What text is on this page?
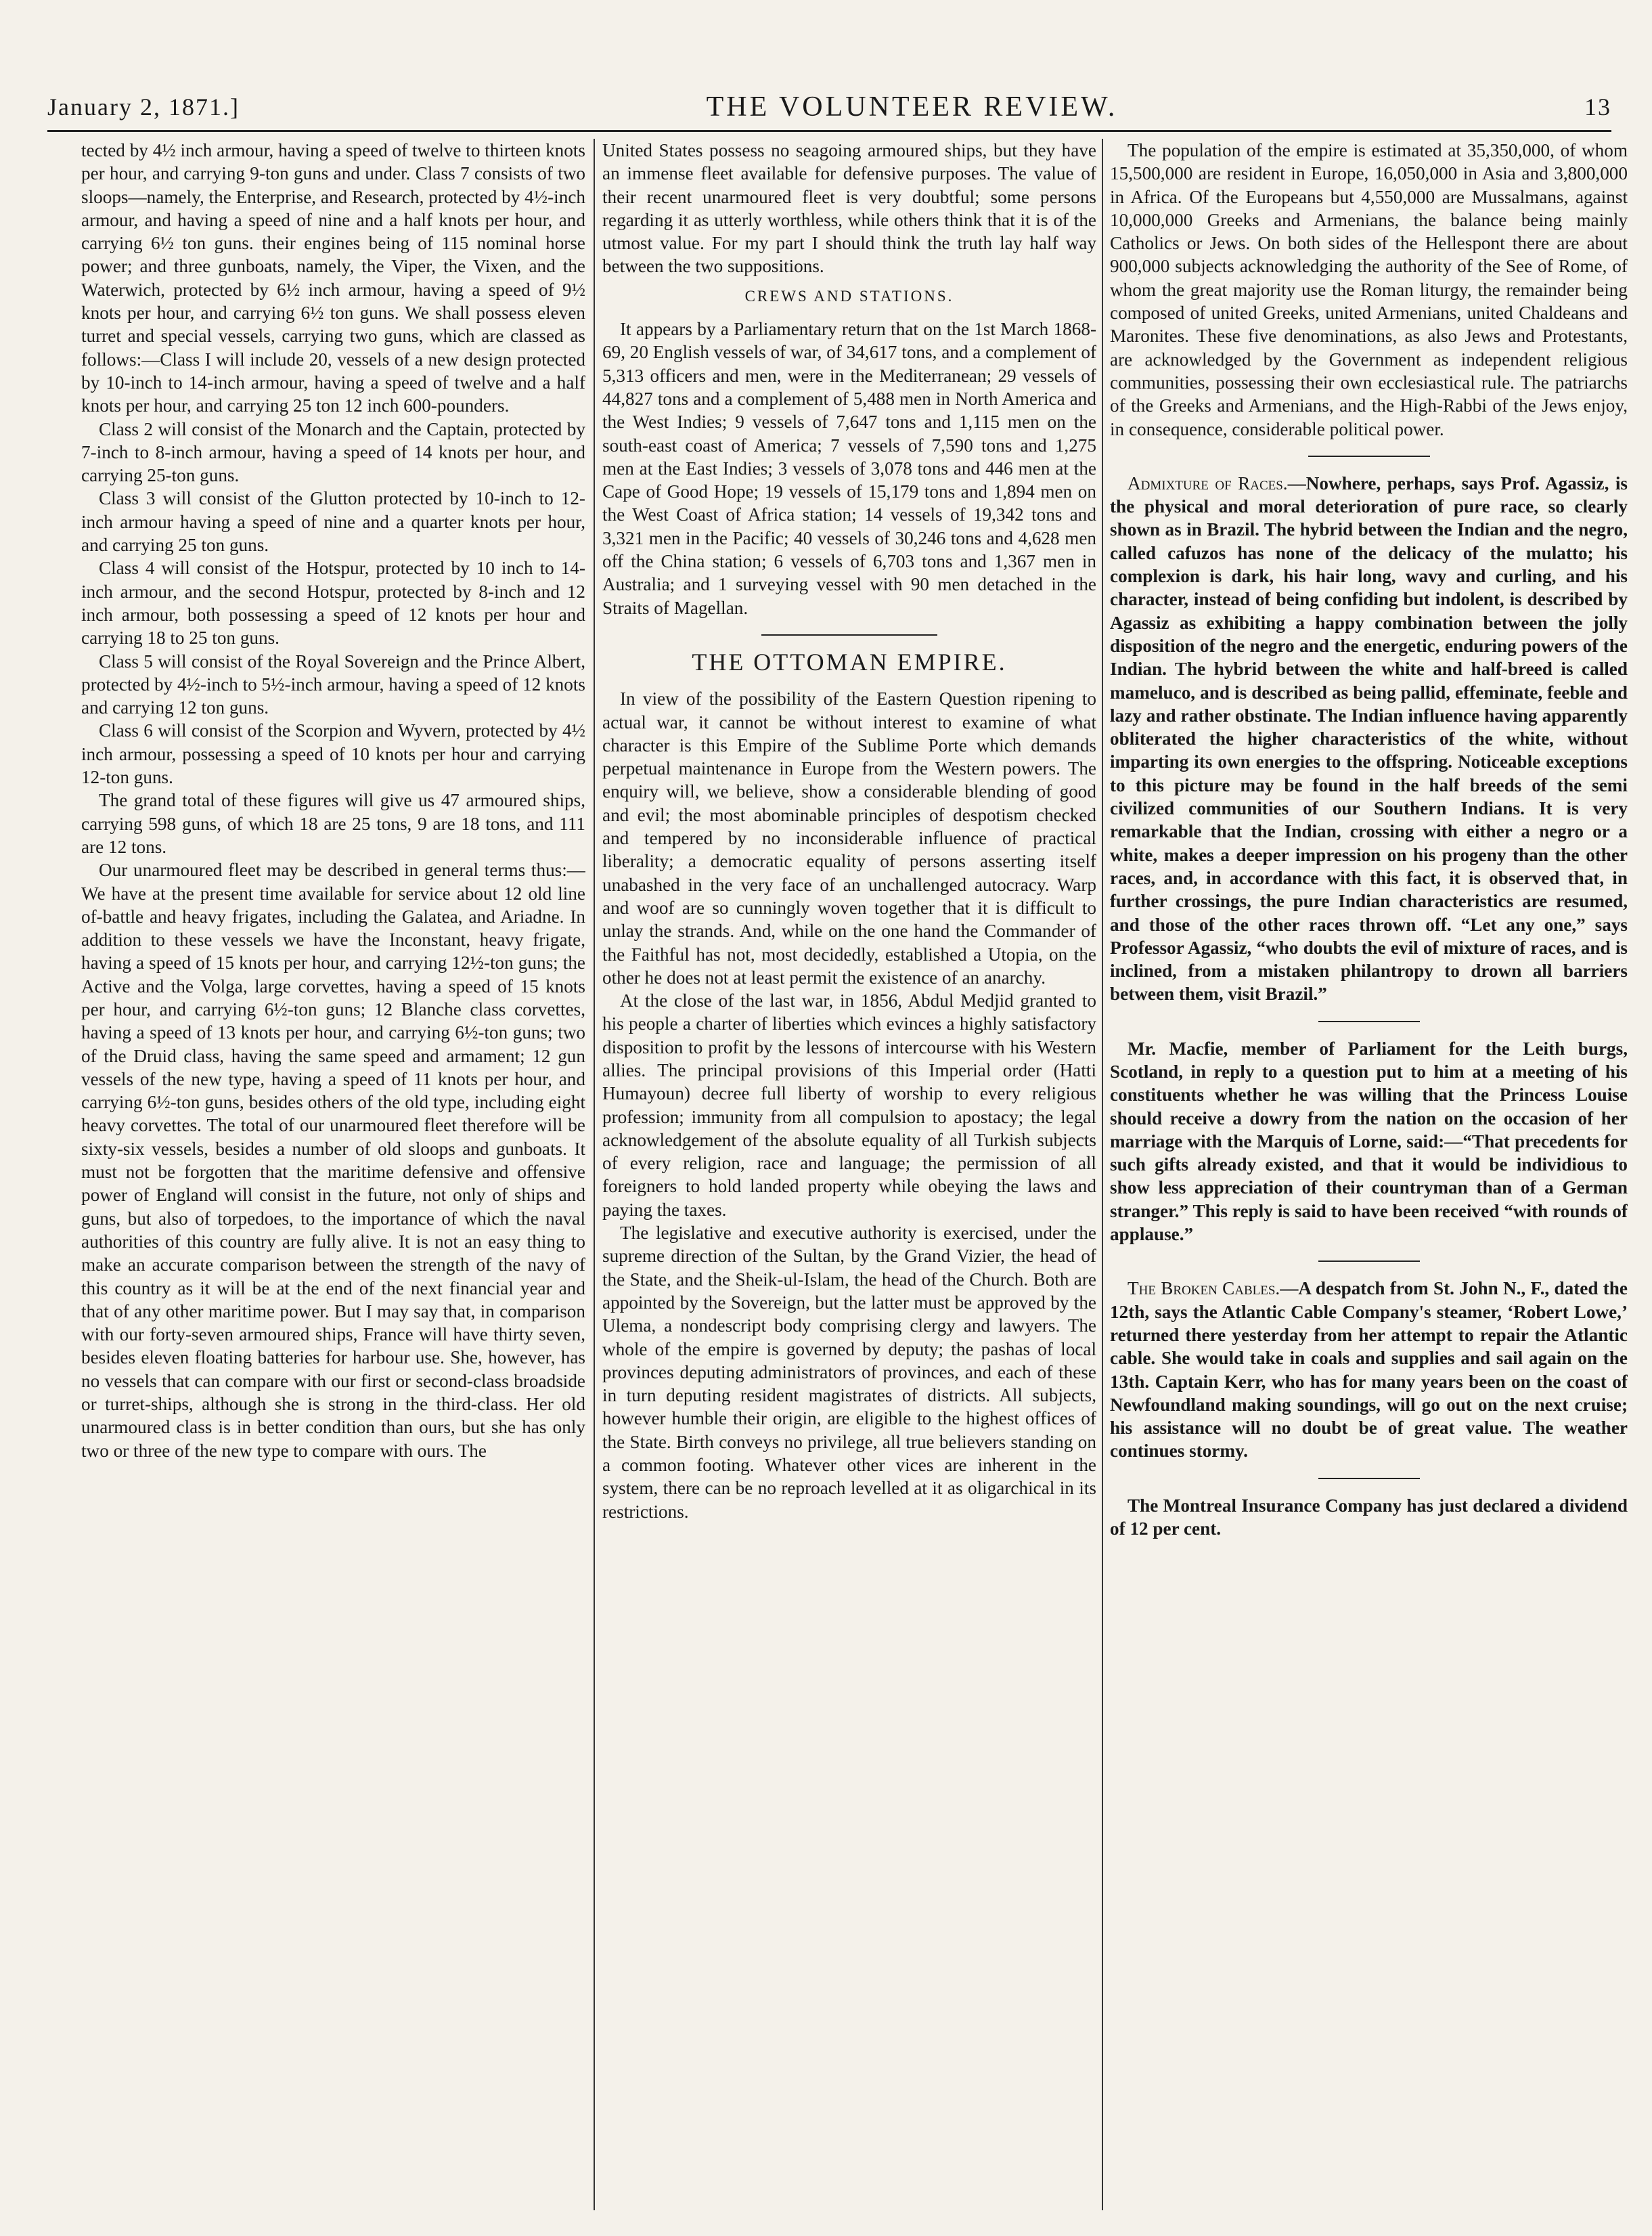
January 2, 1871.]	THE VOLUNTEER REVIEW.	13

tected by 4½ inch armour, having a speed of twelve to thirteen knots per hour, and carrying 9-ton guns and under. Class 7 consists of two sloops—namely, the Enterprise, and Research, protected by 4½-inch armour, and having a speed of nine and a half knots per hour, and carrying 6½ ton guns. their engines being of 115 nominal horse power; and three gunboats, namely, the Viper, the Vixen, and the Waterwich, protected by 6½ inch armour, having a speed of 9½ knots per hour, and carrying 6½ ton guns. We shall possess eleven turret and special vessels, carrying two guns, which are classed as follows:—Class I will include 20, vessels of a new design protected by 10-inch to 14-inch armour, having a speed of twelve and a half knots per hour, and carrying 25 ton 12 inch 600-pounders.

Class 2 will consist of the Monarch and the Captain, protected by 7-inch to 8-inch armour, having a speed of 14 knots per hour, and carrying 25-ton guns.

Class 3 will consist of the Glutton protected by 10-inch to 12-inch armour having a speed of nine and a quarter knots per hour, and carrying 25 ton guns.

Class 4 will consist of the Hotspur, protected by 10 inch to 14-inch armour, and the second Hotspur, protected by 8-inch and 12 inch armour, both possessing a speed of 12 knots per hour and carrying 18 to 25 ton guns.

Class 5 will consist of the Royal Sovereign and the Prince Albert, protected by 4½-inch to 5½-inch armour, having a speed of 12 knots and carrying 12 ton guns.

Class 6 will consist of the Scorpion and Wyvern, protected by 4½ inch armour, possessing a speed of 10 knots per hour and carrying 12-ton guns.

The grand total of these figures will give us 47 armoured ships, carrying 598 guns, of which 18 are 25 tons, 9 are 18 tons, and 111 are 12 tons.

Our unarmoured fleet may be described in general terms thus:—We have at the present time available for service about 12 old line of-battle and heavy frigates, including the Galatea, and Ariadne. In addition to these vessels we have the Inconstant, heavy frigate, having a speed of 15 knots per hour, and carrying 12½-ton guns; the Active and the Volga, large corvettes, having a speed of 15 knots per hour, and carrying 6½-ton guns; 12 Blanche class corvettes, having a speed of 13 knots per hour, and carrying 6½-ton guns; two of the Druid class, having the same speed and armament; 12 gun vessels of the new type, having a speed of 11 knots per hour, and carrying 6½-ton guns, besides others of the old type, including eight heavy corvettes. The total of our unarmoured fleet therefore will be sixty-six vessels, besides a number of old sloops and gunboats. It must not be forgotten that the maritime defensive and offensive power of England will consist in the future, not only of ships and guns, but also of torpedoes, to the importance of which the naval authorities of this country are fully alive. It is not an easy thing to make an accurate comparison between the strength of the navy of this country as it will be at the end of the next financial year and that of any other maritime power. But I may say that, in comparison with our forty-seven armoured ships, France will have thirty seven, besides eleven floating batteries for harbour use. She, however, has no vessels that can compare with our first or second-class broadside or turret-ships, although she is strong in the third-class. Her old unarmoured class is in better condition than ours, but she has only two or three of the new type to compare with ours. The

United States possess no seagoing armoured ships, but they have an immense fleet available for defensive purposes. The value of their recent unarmoured fleet is very doubtful; some persons regarding it as utterly worthless, while others think that it is of the utmost value. For my part I should think the truth lay half way between the two suppositions.

CREWS AND STATIONS.

It appears by a Parliamentary return that on the 1st March 1868-69, 20 English vessels of war, of 34,617 tons, and a complement of 5,313 officers and men, were in the Mediterranean; 29 vessels of 44,827 tons and a complement of 5,488 men in North America and the West Indies; 9 vessels of 7,647 tons and 1,115 men on the south-east coast of America; 7 vessels of 7,590 tons and 1,275 men at the East Indies; 3 vessels of 3,078 tons and 446 men at the Cape of Good Hope; 19 vessels of 15,179 tons and 1,894 men on the West Coast of Africa station; 14 vessels of 19,342 tons and 3,321 men in the Pacific; 40 vessels of 30,246 tons and 4,628 men off the China station; 6 vessels of 6,703 tons and 1,367 men in Australia; and 1 surveying vessel with 90 men detached in the Straits of Magellan.

THE OTTOMAN EMPIRE.

In view of the possibility of the Eastern Question ripening to actual war, it cannot be without interest to examine of what character is this Empire of the Sublime Porte which demands perpetual maintenance in Europe from the Western powers. The enquiry will, we believe, show a considerable blending of good and evil; the most abominable principles of despotism checked and tempered by no inconsiderable influence of practical liberality; a democratic equality of persons asserting itself unabashed in the very face of an unchallenged autocracy. Warp and woof are so cunningly woven together that it is difficult to unlay the strands. And, while on the one hand the Commander of the Faithful has not, most decidedly, established a Utopia, on the other he does not at least permit the existence of an anarchy.

At the close of the last war, in 1856, Abdul Medjid granted to his people a charter of liberties which evinces a highly satisfactory disposition to profit by the lessons of intercourse with his Western allies. The principal provisions of this Imperial order (Hatti Humayoun) decree full liberty of worship to every religious profession; immunity from all compulsion to apostacy; the legal acknowledgement of the absolute equality of all Turkish subjects of every religion, race and language; the permission of all foreigners to hold landed property while obeying the laws and paying the taxes.

The legislative and executive authority is exercised, under the supreme direction of the Sultan, by the Grand Vizier, the head of the State, and the Sheik-ul-Islam, the head of the Church. Both are appointed by the Sovereign, but the latter must be approved by the Ulema, a nondescript body comprising clergy and lawyers. The whole of the empire is governed by deputy; the pashas of local provinces deputing administrators of provinces, and each of these in turn deputing resident magistrates of districts. All subjects, however humble their origin, are eligible to the highest offices of the State. Birth conveys no privilege, all true believers standing on a common footing. Whatever other vices are inherent in the system, there can be no reproach levelled at it as oligarchical in its restrictions.

The population of the empire is estimated at 35,350,000, of whom 15,500,000 are resident in Europe, 16,050,000 in Asia and 3,800,000 in Africa. Of the Europeans but 4,550,000 are Mussalmans, against 10,000,000 Greeks and Armenians, the balance being mainly Catholics or Jews. On both sides of the Hellespont there are about 900,000 subjects acknowledging the authority of the See of Rome, of whom the great majority use the Roman liturgy, the remainder being composed of united Greeks, united Armenians, united Chaldeans and Maronites. These five denominations, as also Jews and Protestants, are acknowledged by the Government as independent religious communities, possessing their own ecclesiastical rule. The patriarchs of the Greeks and Armenians, and the High-Rabbi of the Jews enjoy, in consequence, considerable political power.

Admixture of Races.—Nowhere, perhaps, says Prof. Agassiz, is the physical and moral deterioration of pure race, so clearly shown as in Brazil. The hybrid between the Indian and the negro, called cafuzos has none of the delicacy of the mulatto; his complexion is dark, his hair long, wavy and curling, and his character, instead of being confiding but indolent, is described by Agassiz as exhibiting a happy combination between the jolly disposition of the negro and the energetic, enduring powers of the Indian. The hybrid between the white and half-breed is called mameluco, and is described as being pallid, effeminate, feeble and lazy and rather obstinate. The Indian influence having apparently obliterated the higher characteristics of the white, without imparting its own energies to the offspring. Noticeable exceptions to this picture may be found in the half breeds of the semi civilized communities of our Southern Indians. It is very remarkable that the Indian, crossing with either a negro or a white, makes a deeper impression on his progeny than the other races, and, in accordance with this fact, it is observed that, in further crossings, the pure Indian characteristics are resumed, and those of the other races thrown off. “Let any one,” says Professor Agassiz, “who doubts the evil of mixture of races, and is inclined, from a mistaken philantropy to drown all barriers between them, visit Brazil.”

Mr. Macfie, member of Parliament for the Leith burgs, Scotland, in reply to a question put to him at a meeting of his constituents whether he was willing that the Princess Louise should receive a dowry from the nation on the occasion of her marriage with the Marquis of Lorne, said:—“That precedents for such gifts already existed, and that it would be individious to show less appreciation of their countryman than of a German stranger.” This reply is said to have been received “with rounds of applause.”

The Broken Cables.—A despatch from St. John N., F., dated the 12th, says the Atlantic Cable Company's steamer, ‘Robert Lowe,’ returned there yesterday from her attempt to repair the Atlantic cable. She would take in coals and supplies and sail again on the 13th. Captain Kerr, who has for many years been on the coast of Newfoundland making soundings, will go out on the next cruise; his assistance will no doubt be of great value. The weather continues stormy.

The Montreal Insurance Company has just declared a dividend of 12 per cent.
